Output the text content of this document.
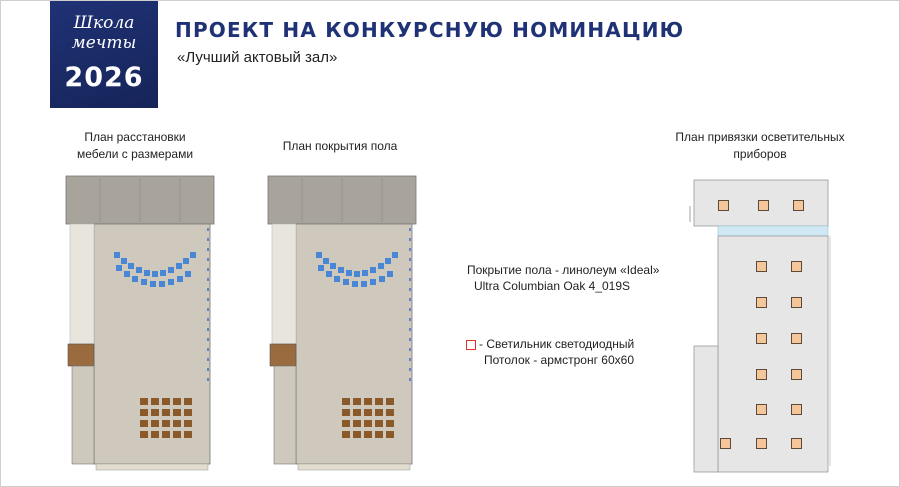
Школа
мечты
2026
ПРОЕКТ НА КОНКУРСНУЮ НОМИНАЦИЮ
«Лучший актовый зал»
План расстановки
мебели с размерами
План покрытия пола
План привязки осветительных
приборов
Покрытие пола - линолеум «Ideal»
Ultra Columbian Oak 4_019S
- Светильник светодиодный
Потолок - армстронг 60x60
